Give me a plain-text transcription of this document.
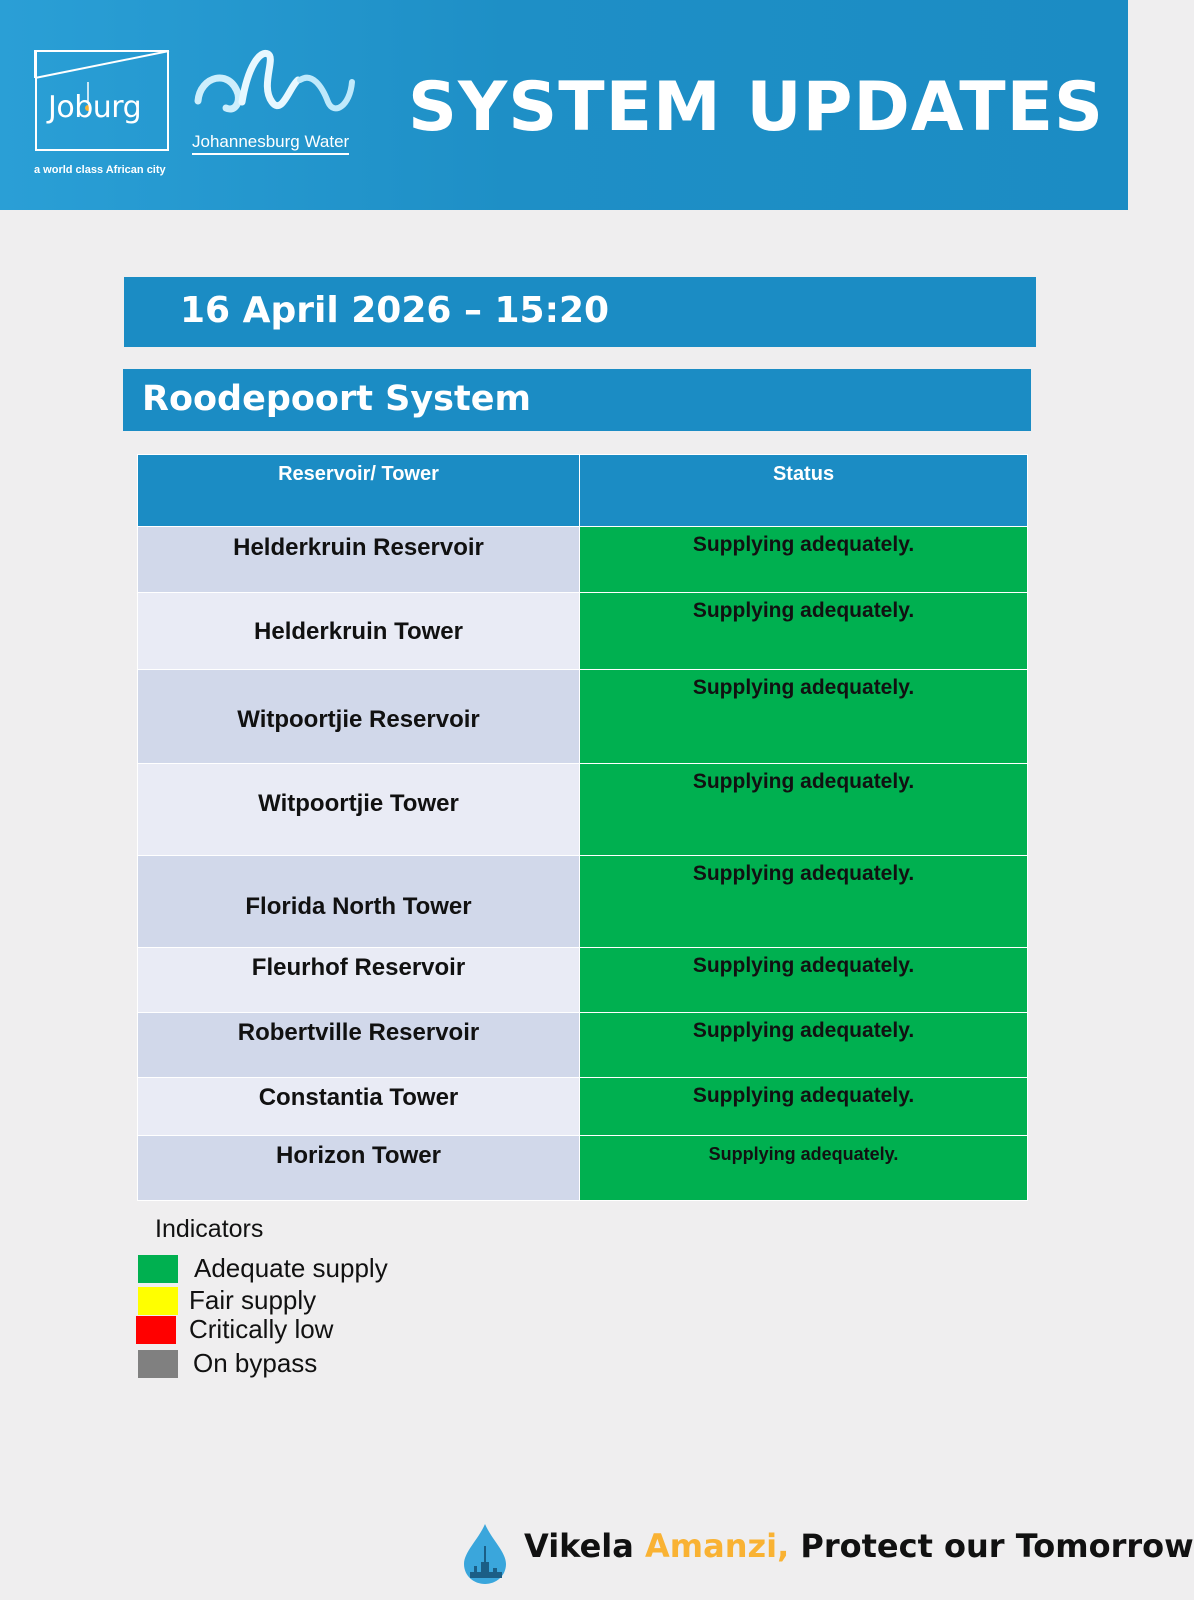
Joburg
a world class African city
Johannesburg Water SYSTEM UPDATES
16 April 2026 – 15:20
Roodepoort System
Reservoir/ Tower	Status
Helderkruin Reservoir	Supplying adequately.
Helderkruin Tower	Supplying adequately.
Witpoortjie Reservoir	Supplying adequately.
Witpoortjie Tower	Supplying adequately.
Florida North Tower	Supplying adequately.
Fleurhof Reservoir	Supplying adequately.
Robertville Reservoir	Supplying adequately.
Constantia Tower	Supplying adequately.
Horizon Tower	Supplying adequately.
Indicators
Adequate supply
Fair supply
Critically low
On bypass
Vikela Amanzi, Protect our Tomorrow
